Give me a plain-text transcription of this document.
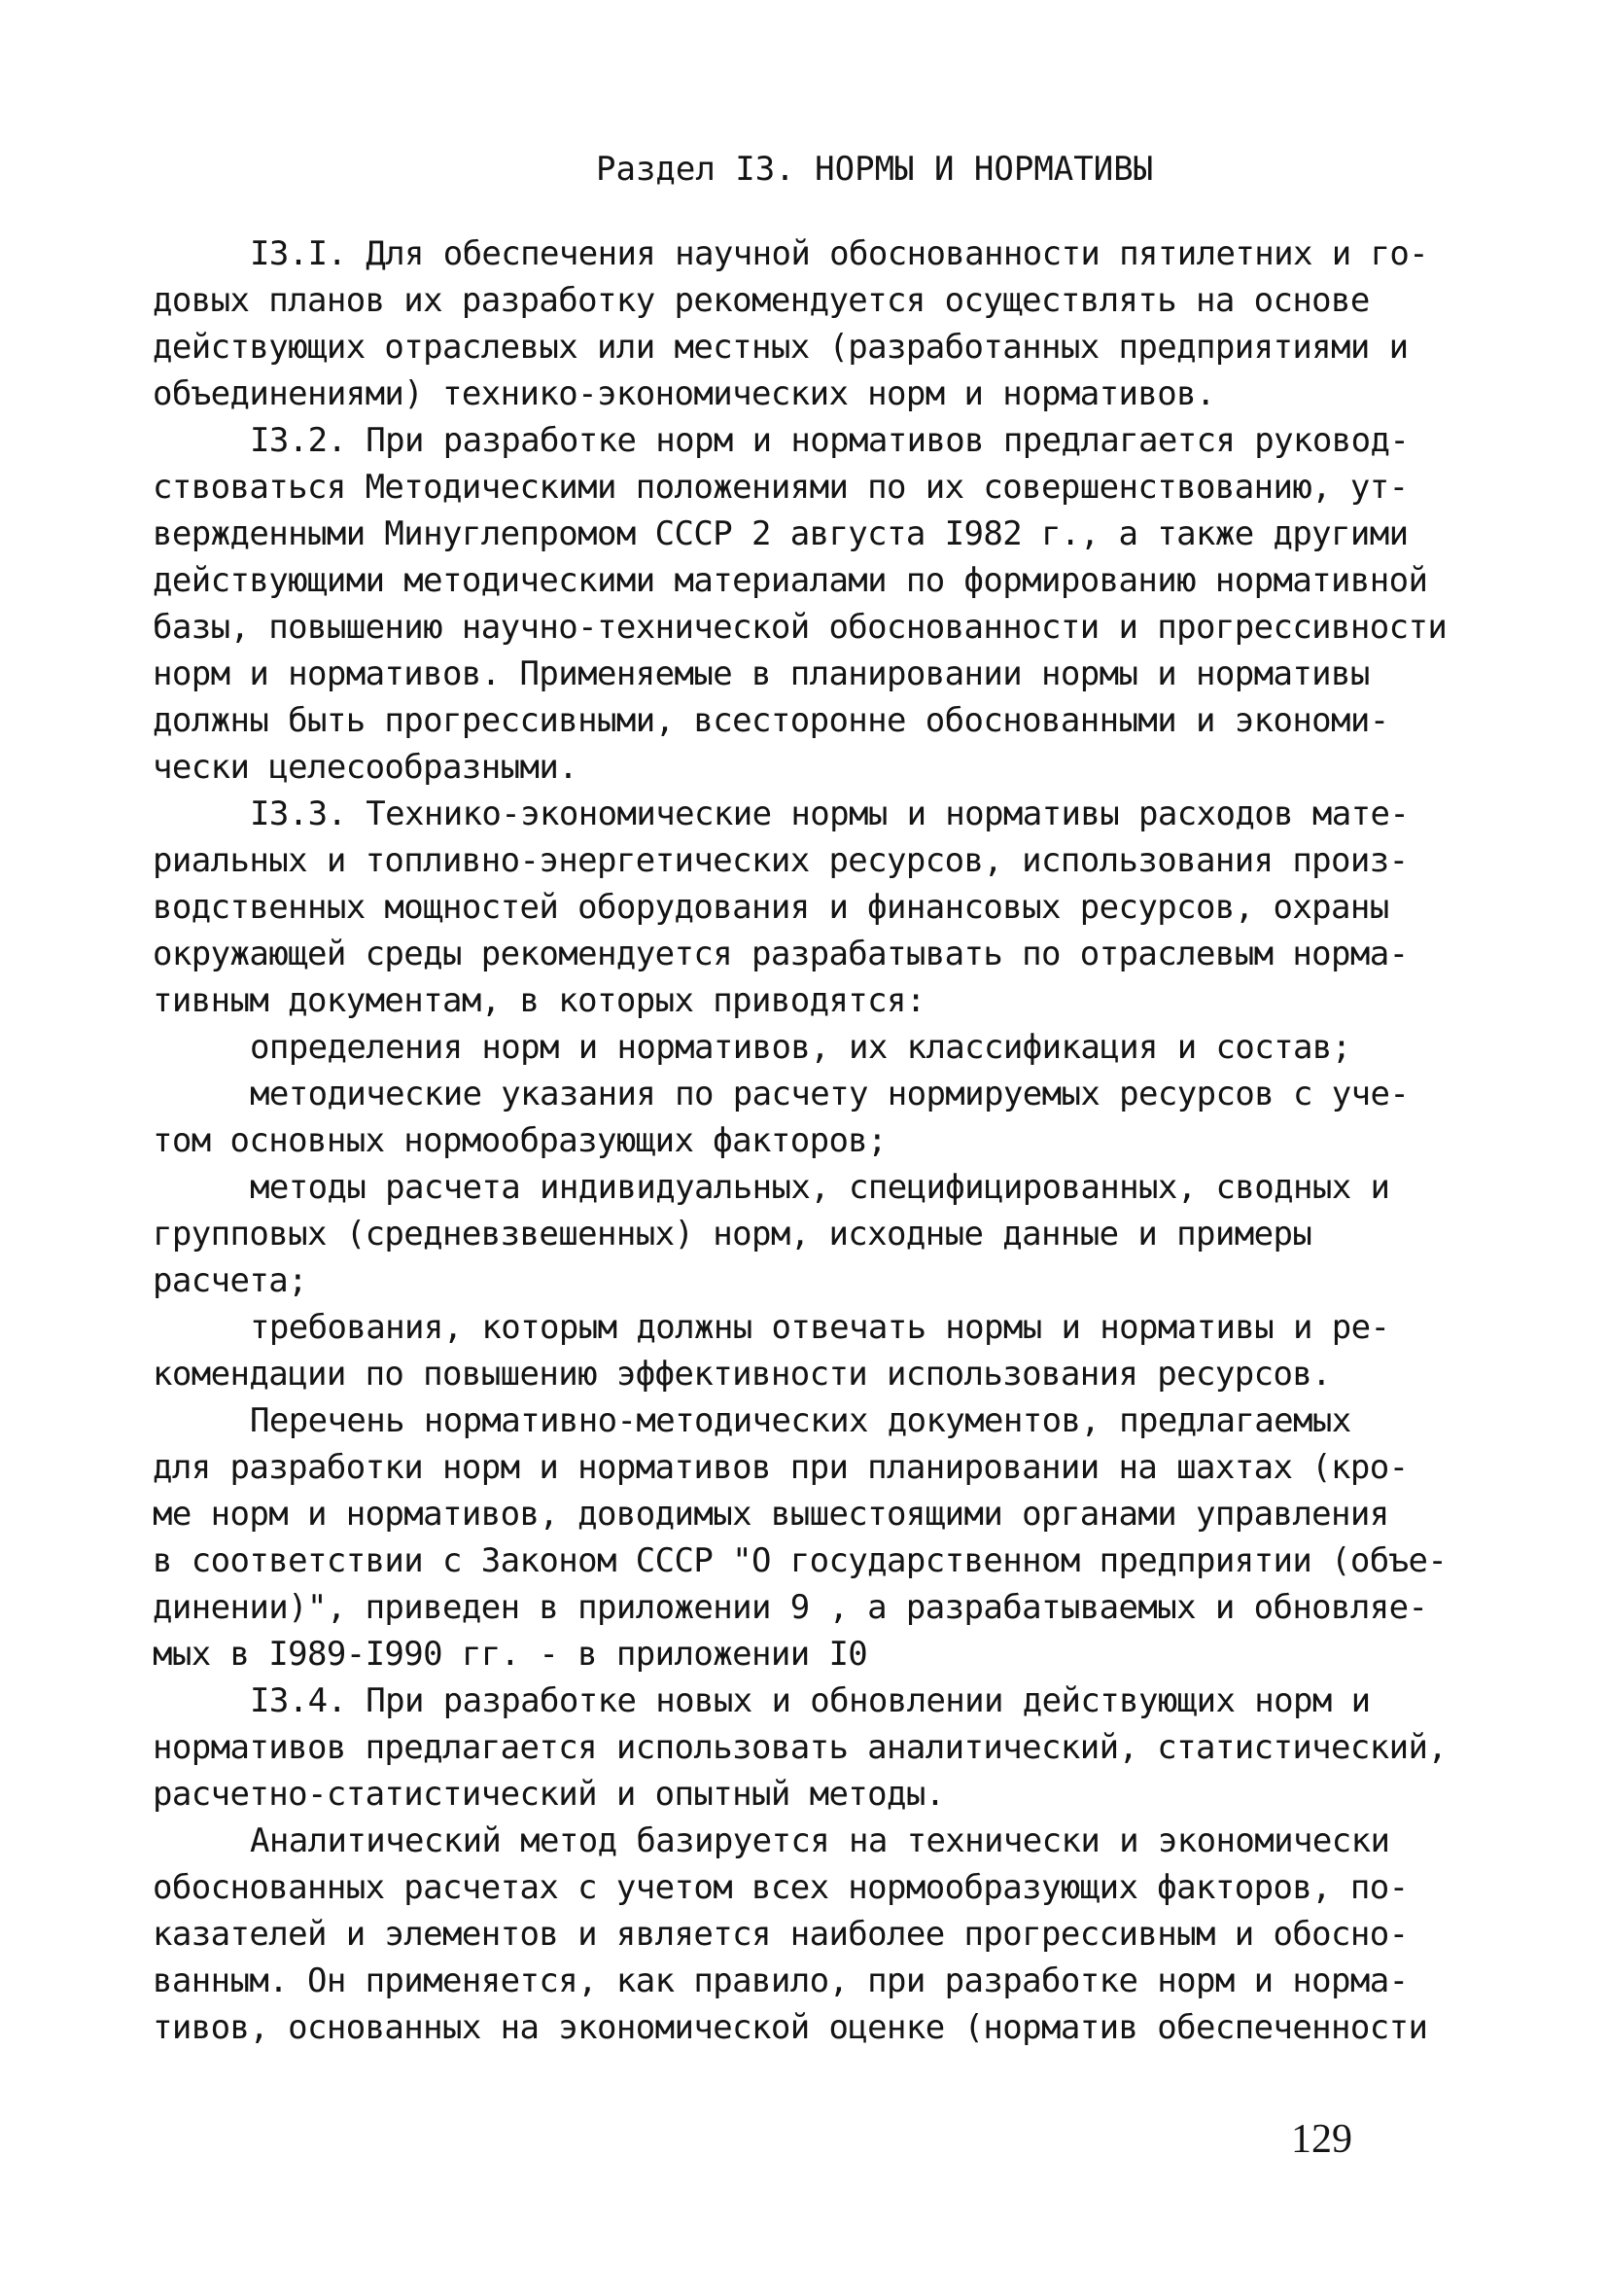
Раздел I3. НОРМЫ И НОРМАТИВЫ
I3.I. Для обеспечения научной обоснованности пятилетних и го-
довых планов их разработку рекомендуется осуществлять на основе
действующих отраслевых или местных (разработанных предприятиями и
объединениями) технико-экономических норм и нормативов.
I3.2. При разработке норм и нормативов предлагается руковод-
ствоваться Методическими положениями по их совершенствованию, ут-
вержденными Минуглепромом СССР 2 августа I982 г., а также другими
действующими методическими материалами по формированию нормативной
базы, повышению научно-технической обоснованности и прогрессивности
норм и нормативов. Применяемые в планировании нормы и нормативы
должны быть прогрессивными, всесторонне обоснованными и экономи-
чески целесообразными.
I3.3. Технико-экономические нормы и нормативы расходов мате-
риальных и топливно-энергетических ресурсов, использования произ-
водственных мощностей оборудования и финансовых ресурсов, охраны
окружающей среды рекомендуется разрабатывать по отраслевым норма-
тивным документам, в которых приводятся:
определения норм и нормативов, их классификация и состав;
методические указания по расчету нормируемых ресурсов с уче-
том основных нормообразующих факторов;
методы расчета индивидуальных, специфицированных, сводных и
групповых (средневзвешенных) норм, исходные данные и примеры
расчета;
требования, которым должны отвечать нормы и нормативы и ре-
комендации по повышению эффективности использования ресурсов.
Перечень нормативно-методических документов, предлагаемых
для разработки норм и нормативов при планировании на шахтах (кро-
ме норм и нормативов, доводимых вышестоящими органами управления
в соответствии с Законом СССР "О государственном предприятии (объе-
динении)", приведен в приложении 9 , а разрабатываемых и обновляе-
мых в I989-I990 гг. - в приложении I0
I3.4. При разработке новых и обновлении действующих норм и
нормативов предлагается использовать аналитический, статистический,
расчетно-статистический и опытный методы.
Аналитический метод базируется на технически и экономически
обоснованных расчетах с учетом всех нормообразующих факторов, по-
казателей и элементов и является наиболее прогрессивным и обосно-
ванным. Он применяется, как правило, при разработке норм и норма-
тивов, основанных на экономической оценке (норматив обеспеченности
129
